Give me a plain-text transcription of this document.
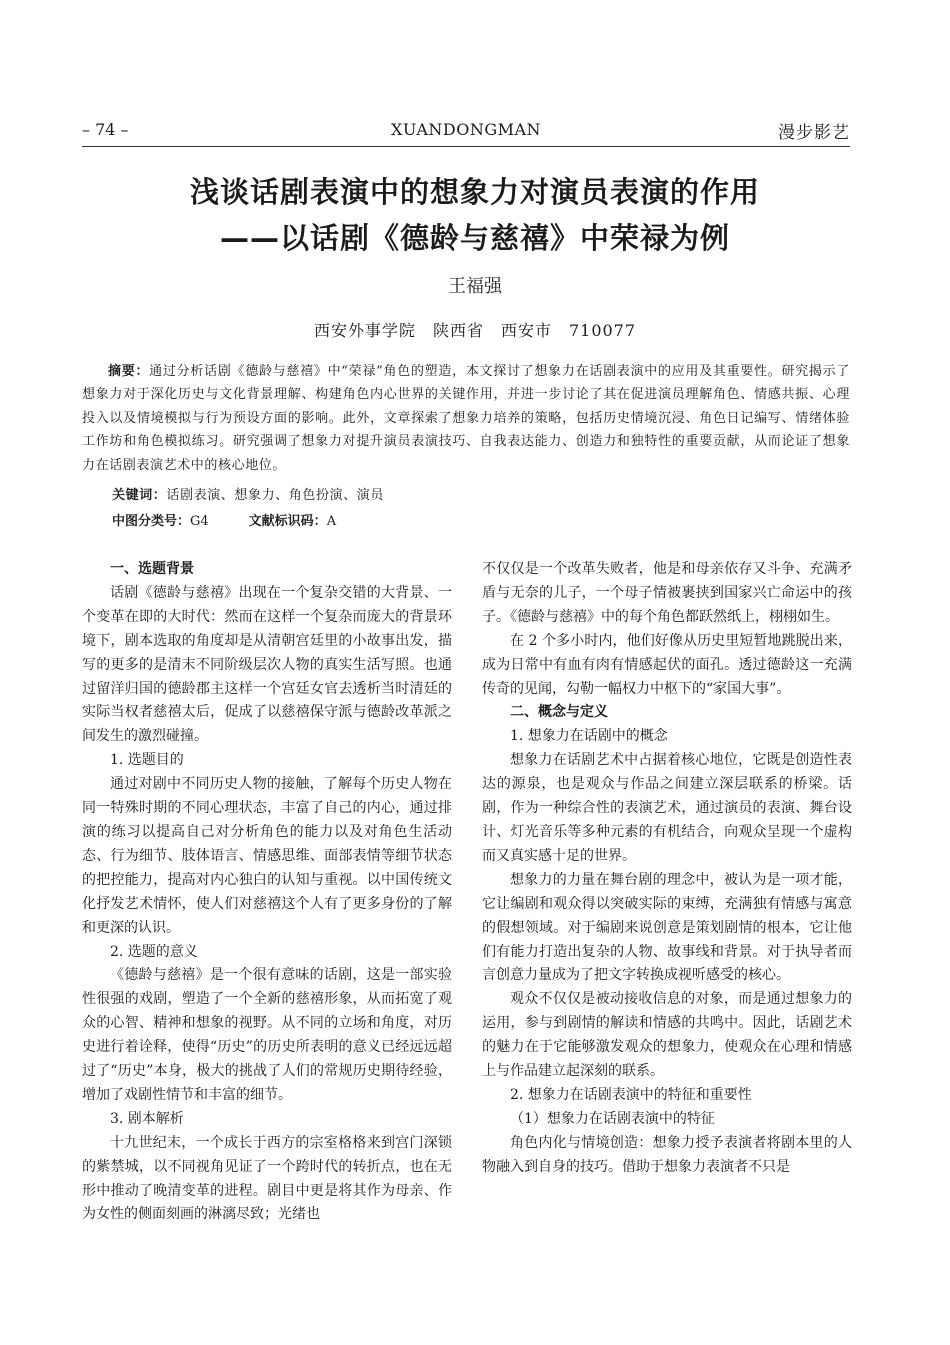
– 74 –	XUANDONGMAN	漫步影艺
浅谈话剧表演中的想象力对演员表演的作用
——以话剧《德龄与慈禧》中荣禄为例
王福强
西安外事学院　陕西省　西安市　710077
摘要：通过分析话剧《德龄与慈禧》中“荣禄”角色的塑造，本文探讨了想象力在话剧表演中的应用及其重要性。研究揭示了想象力对于深化历史与文化背景理解、构建角色内心世界的关键作用，并进一步讨论了其在促进演员理解角色、情感共振、心理投入以及情境模拟与行为预设方面的影响。此外，文章探索了想象力培养的策略，包括历史情境沉浸、角色日记编写、情绪体验工作坊和角色模拟练习。研究强调了想象力对提升演员表演技巧、自我表达能力、创造力和独特性的重要贡献，从而论证了想象力在话剧表演艺术中的核心地位。
关键词：话剧表演、想象力、角色扮演、演员
中图分类号：G4	文献标识码：A
一、选题背景

话剧《德龄与慈禧》出现在一个复杂交错的大背景、一个变革在即的大时代：然而在这样一个复杂而庞大的背景环境下，剧本选取的角度却是从清朝宫廷里的小故事出发，描写的更多的是清末不同阶级层次人物的真实生活写照。也通过留洋归国的德龄郡主这样一个宫廷女官去透析当时清廷的实际当权者慈禧太后，促成了以慈禧保守派与德龄改革派之间发生的激烈碰撞。

1. 选题目的

通过对剧中不同历史人物的接触，了解每个历史人物在同一特殊时期的不同心理状态，丰富了自己的内心，通过排演的练习以提高自己对分析角色的能力以及对角色生活动态、行为细节、肢体语言、情感思维、面部表情等细节状态的把控能力，提高对内心独白的认知与重视。以中国传统文化抒发艺术情怀，使人们对慈禧这个人有了更多身份的了解和更深的认识。

2. 选题的意义

《德龄与慈禧》是一个很有意味的话剧，这是一部实验性很强的戏剧，塑造了一个全新的慈禧形象，从而拓宽了观众的心智、精神和想象的视野。从不同的立场和角度，对历史进行着诠释，使得“历史”的历史所表明的意义已经远远超过了“历史”本身，极大的挑战了人们的常规历史期待经验，增加了戏剧性情节和丰富的细节。

3. 剧本解析

十九世纪末，一个成长于西方的宗室格格来到宫门深锁的紫禁城，以不同视角见证了一个跨时代的转折点，也在无形中推动了晚清变革的进程。剧目中更是将其作为母亲、作为女性的侧面刻画的淋漓尽致；光绪也

不仅仅是一个改革失败者，他是和母亲依存又斗争、充满矛盾与无奈的儿子，一个母子情被裹挟到国家兴亡命运中的孩子。《德龄与慈禧》中的每个角色都跃然纸上，栩栩如生。

在 2 个多小时内，他们好像从历史里短暂地跳脱出来，成为日常中有血有肉有情感起伏的面孔。透过德龄这一充满传奇的见闻，勾勒一幅权力中枢下的“家国大事”。

二、概念与定义

1. 想象力在话剧中的概念

想象力在话剧艺术中占据着核心地位，它既是创造性表达的源泉，也是观众与作品之间建立深层联系的桥梁。话剧，作为一种综合性的表演艺术，通过演员的表演、舞台设计、灯光音乐等多种元素的有机结合，向观众呈现一个虚构而又真实感十足的世界。

想象力的力量在舞台剧的理念中，被认为是一项才能，它让编剧和观众得以突破实际的束缚，充满独有情感与寓意的假想领域。对于编剧来说创意是策划剧情的根本，它让他们有能力打造出复杂的人物、故事线和背景。对于执导者而言创意力量成为了把文字转换成视听感受的核心。

观众不仅仅是被动接收信息的对象，而是通过想象力的运用，参与到剧情的解读和情感的共鸣中。因此，话剧艺术的魅力在于它能够激发观众的想象力，使观众在心理和情感上与作品建立起深刻的联系。

2. 想象力在话剧表演中的特征和重要性

（1）想象力在话剧表演中的特征

角色内化与情境创造：想象力授予表演者将剧本里的人物融入到自身的技巧。借助于想象力表演者不只是
